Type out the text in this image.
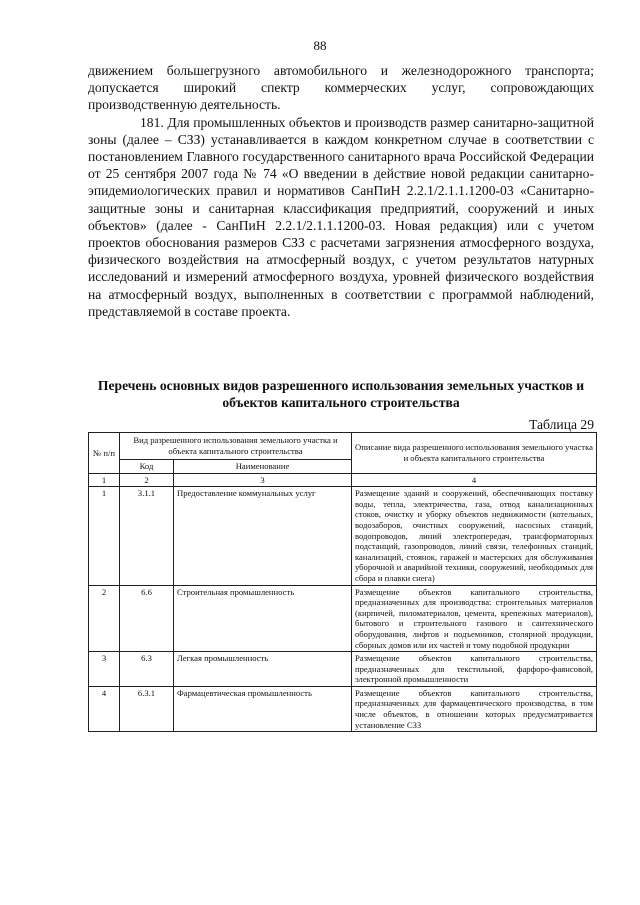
88

движением большегрузного автомобильного и железнодорожного транспорта; допускается широкий спектр коммерческих услуг, сопровождающих производственную деятельность.

181. Для промышленных объектов и производств размер санитарно-защитной зоны (далее – СЗЗ) устанавливается в каждом конкретном случае в соответствии с постановлением Главного государственного санитарного врача Российской Федерации от 25 сентября 2007 года № 74 «О введении в действие новой редакции санитарно-эпидемиологических правил и нормативов СанПиН 2.2.1/2.1.1.1200-03 «Санитарно-защитные зоны и санитарная классификация предприятий, сооружений и иных объектов» (далее - СанПиН 2.2.1/2.1.1.1200-03. Новая редакция) или с учетом проектов обоснования размеров СЗЗ с расчетами загрязнения атмосферного воздуха, физического воздействия на атмосферный воздух, с учетом результатов натурных исследований и измерений атмосферного воздуха, уровней физического воздействия на атмосферный воздух, выполненных в соответствии с программой наблюдений, представляемой в составе проекта.

Перечень основных видов разрешенного использования земельных участков и объектов капитального строительства
Таблица 29
№ п/п	Вид разрешенного использования земельного участка и объекта капитального строительства		Описание вида разрешенного использования земельного участка и объекта капитального строительства
	Код	Наименование	
1	2	3	4
1	3.1.1	Предоставление коммунальных услуг	Размещение зданий и сооружений, обеспечивающих поставку воды, тепла, электричества, газа, отвод канализационных стоков, очистку и уборку объектов недвижимости (котельных, водозаборов, очистных сооружений, насосных станций, водопроводов, линий электропередач, трансформаторных подстанций, газопроводов, линий связи, телефонных станций, канализаций, стоянок, гаражей и мастерских для обслуживания уборочной и аварийной техники, сооружений, необходимых для сбора и плавки снега)
2	6.6	Строительная промышленность	Размещение объектов капитального строительства, предназначенных для производства: строительных материалов (кирпичей, пиломатериалов, цемента, крепежных материалов), бытового и строительного газового и сантехнического оборудования, лифтов и подъемников, столярной продукции, сборных домов или их частей и тому подобной продукции
3	6.3	Легкая промышленность	Размещение объектов капитального строительства, предназначенных для текстильной, фарфоро-фаянсовой, электронной промышленности
4	6.3.1	Фармацевтическая промышленность	Размещение объектов капитального строительства, предназначенных для фармацевтического производства, в том числе объектов, в отношении которых предусматривается установление СЗЗ
